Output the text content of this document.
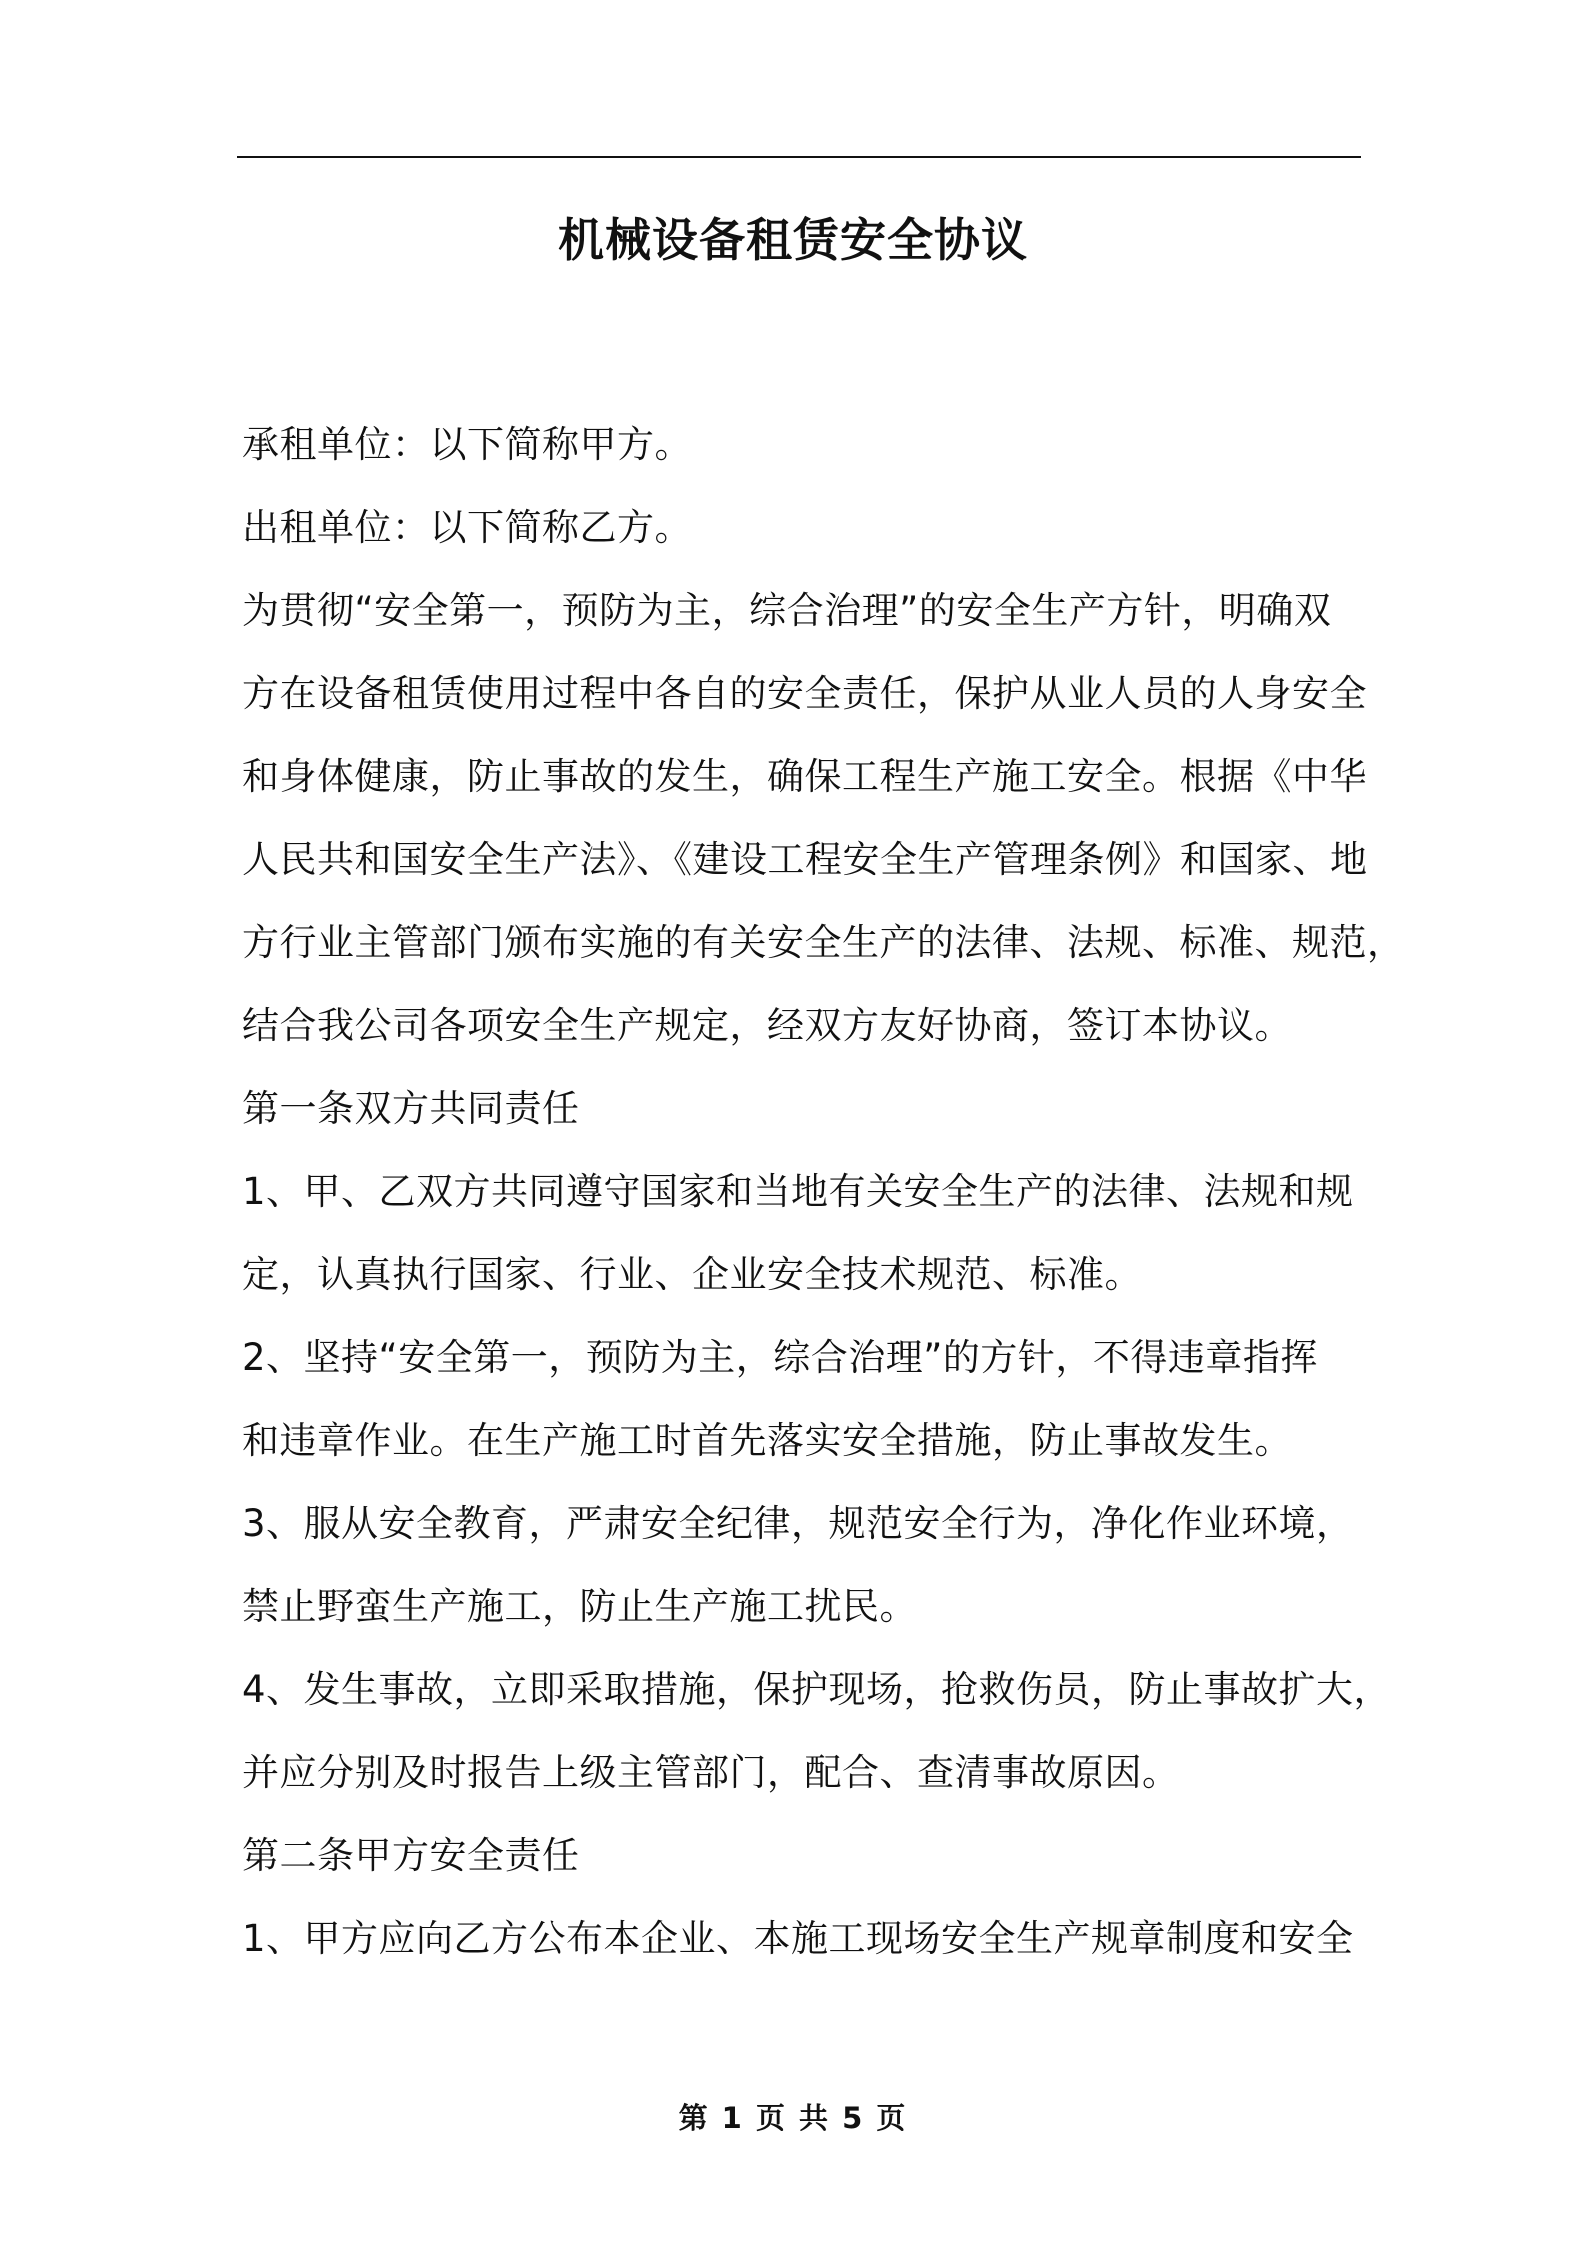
机械设备租赁安全协议

承租单位：以下简称甲方。

出租单位：以下简称乙方。

为贯彻“安全第一，预防为主，综合治理”的安全生产方针，明确双

方在设备租赁使用过程中各自的安全责任，保护从业人员的人身安全

和身体健康，防止事故的发生，确保工程生产施工安全。根据《中华

人民共和国安全生产法》、《建设工程安全生产管理条例》和国家、地

方行业主管部门颁布实施的有关安全生产的法律、法规、标准、规范，

结合我公司各项安全生产规定，经双方友好协商，签订本协议。

第一条双方共同责任

1、甲、乙双方共同遵守国家和当地有关安全生产的法律、法规和规

定，认真执行国家、行业、企业安全技术规范、标准。

2、坚持“安全第一，预防为主，综合治理”的方针，不得违章指挥

和违章作业。在生产施工时首先落实安全措施，防止事故发生。

3、服从安全教育，严肃安全纪律，规范安全行为，净化作业环境，

禁止野蛮生产施工，防止生产施工扰民。

4、发生事故，立即采取措施，保护现场，抢救伤员，防止事故扩大，

并应分别及时报告上级主管部门，配合、查清事故原因。

第二条甲方安全责任

1、甲方应向乙方公布本企业、本施工现场安全生产规章制度和安全

第 1 页 共 5 页
